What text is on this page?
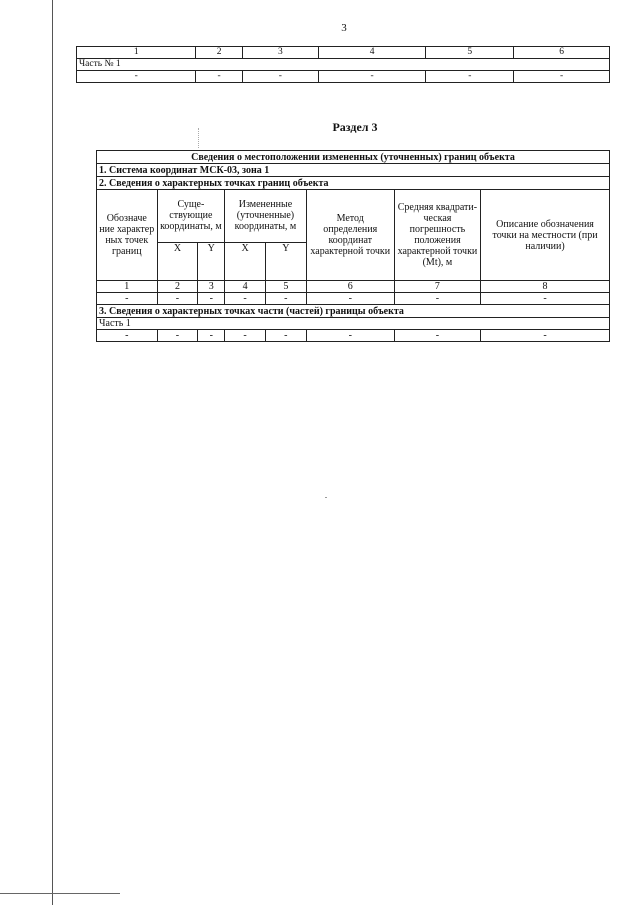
3
1	2	3	4	5	6
Часть № 1					
-	-	-	-	-	-
Раздел 3
Сведения о местоположении измененных (уточненных) границ объекта							
1. Система координат МСК-03, зона 1							
2. Сведения о характерных точках границ объекта							
Обозначе ние характер ных точек границ	Суще- ствующие координаты, м		Измененные (уточненные) координаты, м		Метод определения координат характерной точки	Средняя квадрати- ческая погрешность положения характерной точки (Mt), м	Описание обозначения точки на местности (при наличии)
	X	Y	X	Y			
1	2	3	4	5	6	7	8
-	-	-	-	-	-	-	-
3. Сведения о характерных точках части (частей) границы объекта							
Часть 1							
-	-	-	-	-	-	-	-
